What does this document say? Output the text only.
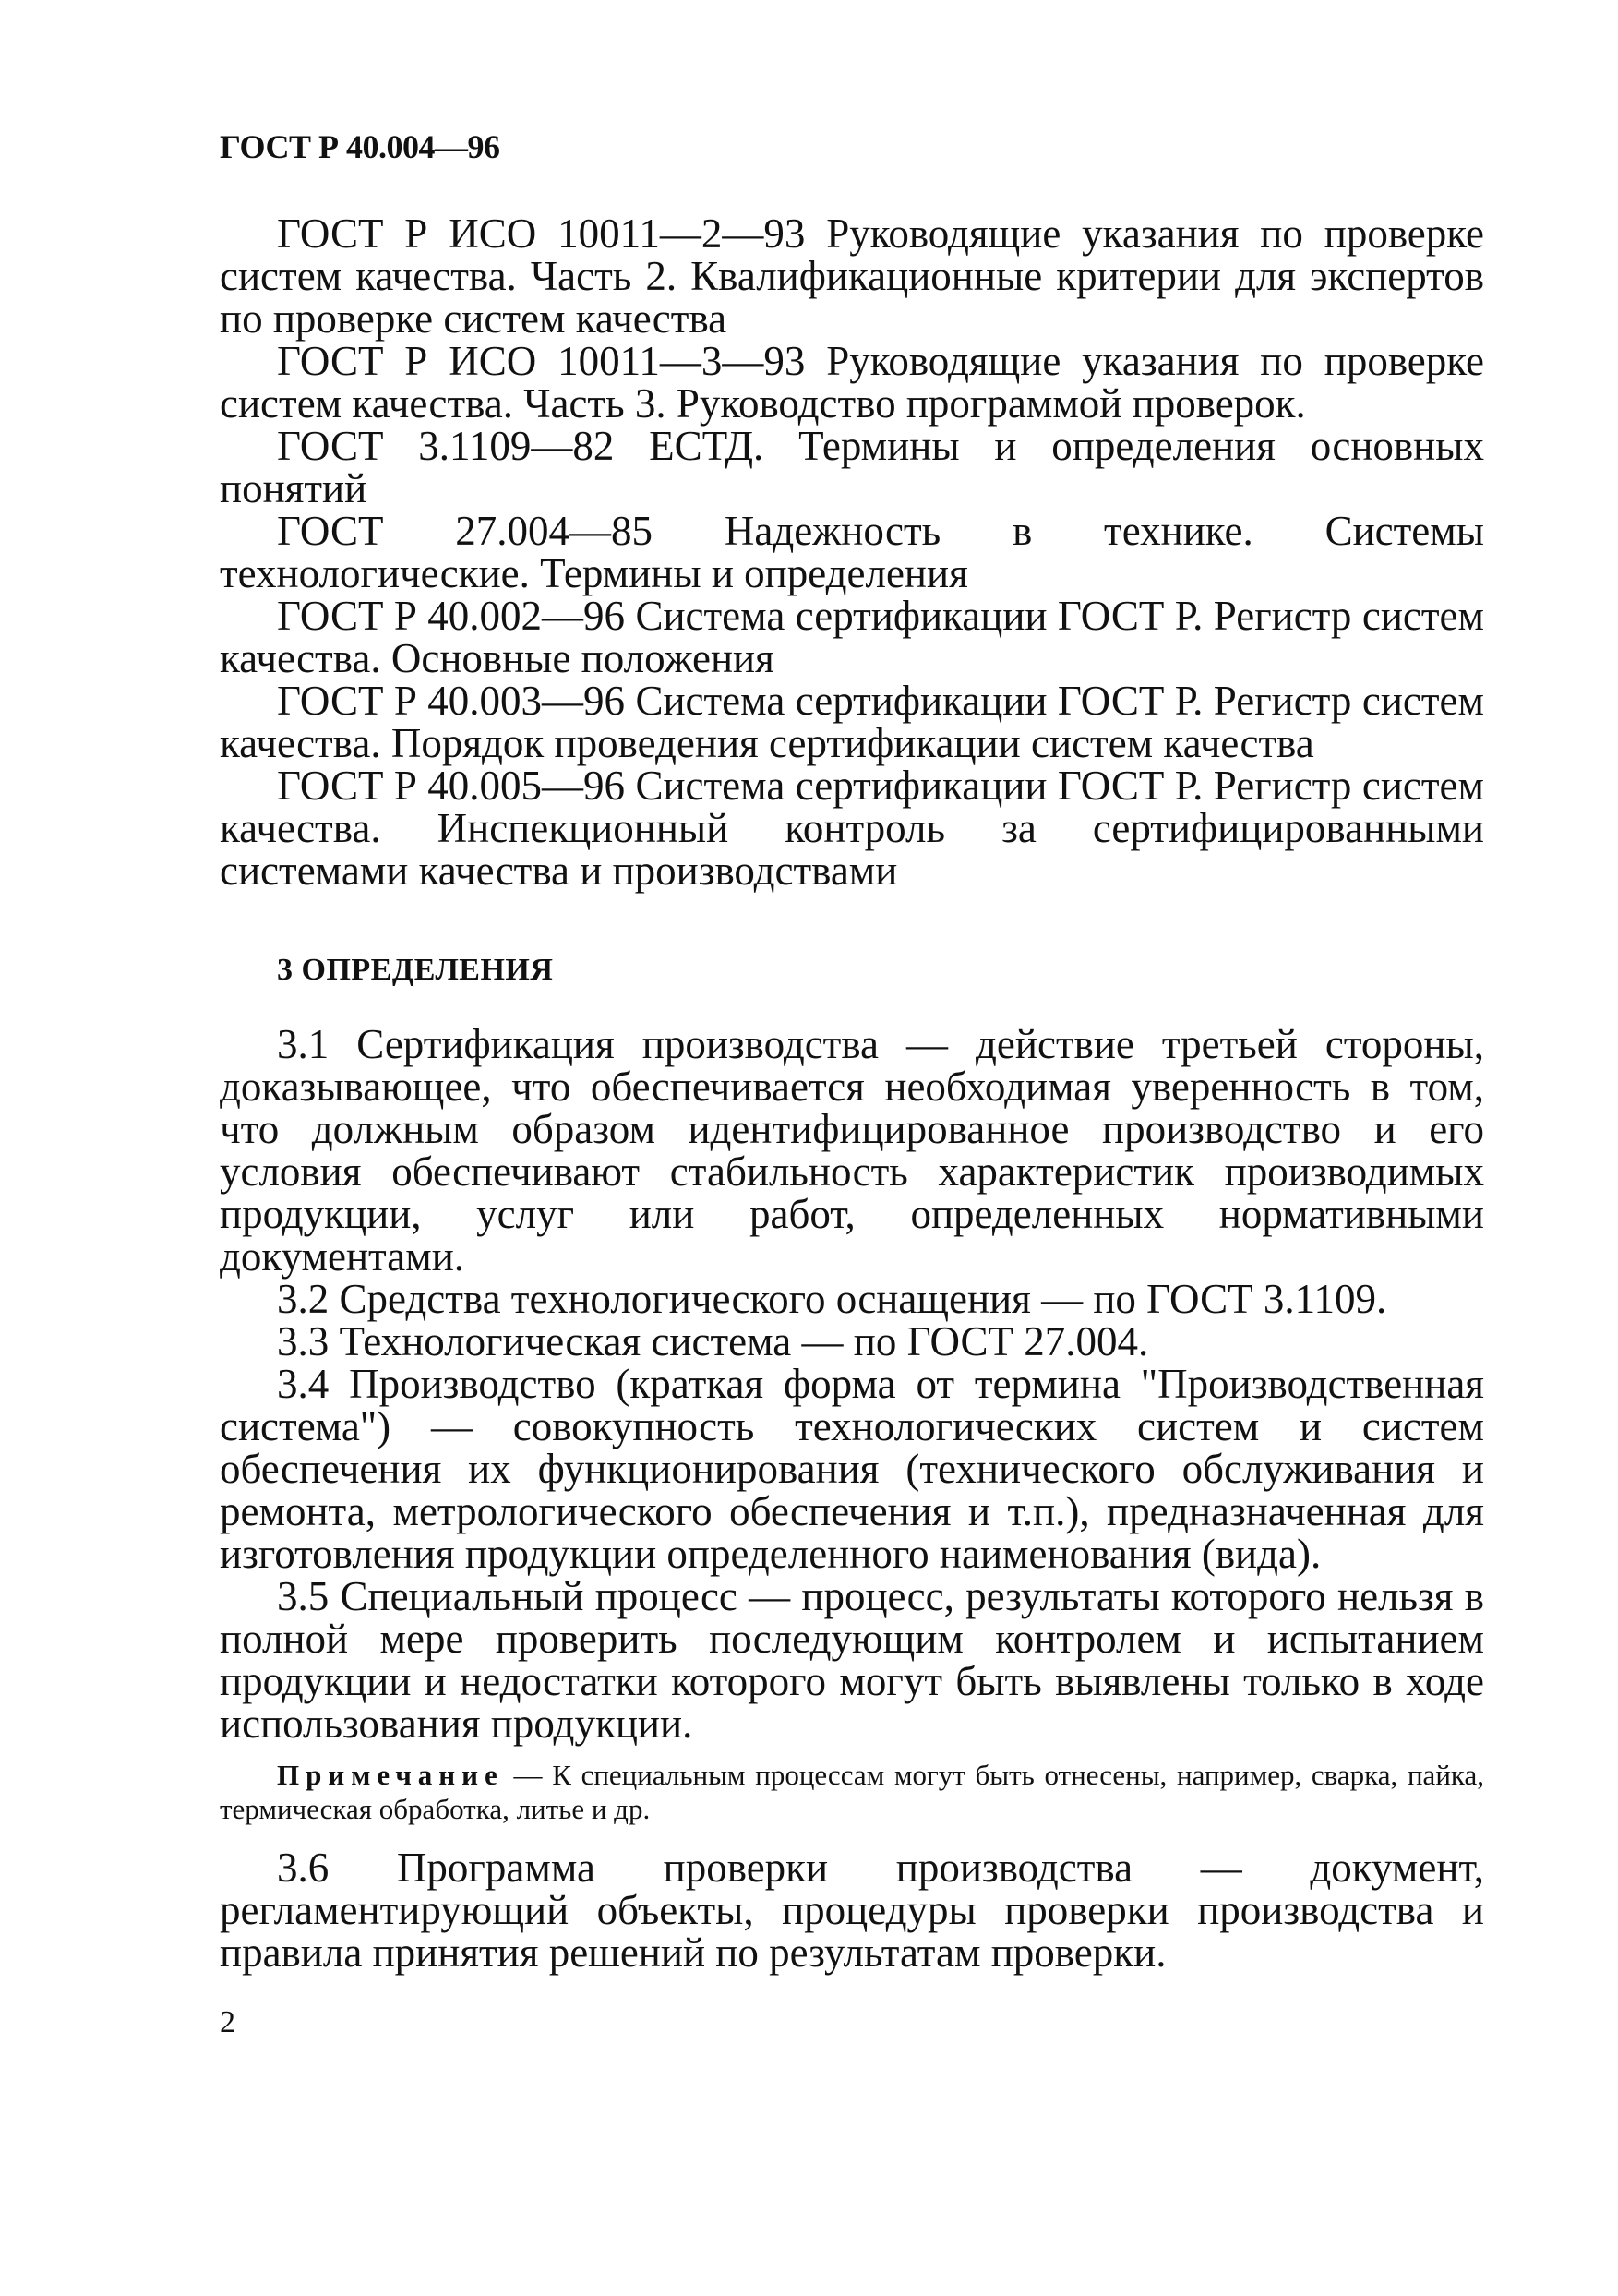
ГОСТ Р 40.004—96

ГОСТ Р ИСО 10011—2—93 Руководящие указания по проверке систем качества. Часть 2. Квалификационные критерии для экспертов по проверке систем качества

ГОСТ Р ИСО 10011—3—93 Руководящие указания по проверке систем качества. Часть 3. Руководство программой проверок.

ГОСТ 3.1109—82 ЕСТД. Термины и определения основных понятий

ГОСТ 27.004—85 Надежность в технике. Системы технологические. Термины и определения

ГОСТ Р 40.002—96 Система сертификации ГОСТ Р. Регистр систем качества. Основные положения

ГОСТ Р 40.003—96 Система сертификации ГОСТ Р. Регистр систем качества. Порядок проведения сертификации систем качества

ГОСТ Р 40.005—96 Система сертификации ГОСТ Р. Регистр систем качества. Инспекционный контроль за сертифицированными системами качества и производствами

3 ОПРЕДЕЛЕНИЯ

3.1 Сертификация производства — действие третьей стороны, доказывающее, что обеспечивается необходимая уверенность в том, что должным образом идентифицированное производство и его условия обеспечивают стабильность характеристик производимых продукции, услуг или работ, определенных нормативными документами.

3.2 Средства технологического оснащения — по ГОСТ 3.1109.

3.3 Технологическая система — по ГОСТ 27.004.

3.4 Производство (краткая форма от термина "Производственная система") — совокупность технологических систем и систем обеспечения их функционирования (технического обслуживания и ремонта, метрологического обеспечения и т.п.), предназначенная для изготовления продукции определенного наименования (вида).

3.5 Специальный процесс — процесс, результаты которого нельзя в полной мере проверить последующим контролем и испытанием продукции и недостатки которого могут быть выявлены только в ходе использования продукции.

Примечание — К специальным процессам могут быть отнесены, например, сварка, пайка, термическая обработка, литье и др.

3.6 Программа проверки производства — документ, регламентирующий объекты, процедуры проверки производства и правила принятия решений по результатам проверки.

2
